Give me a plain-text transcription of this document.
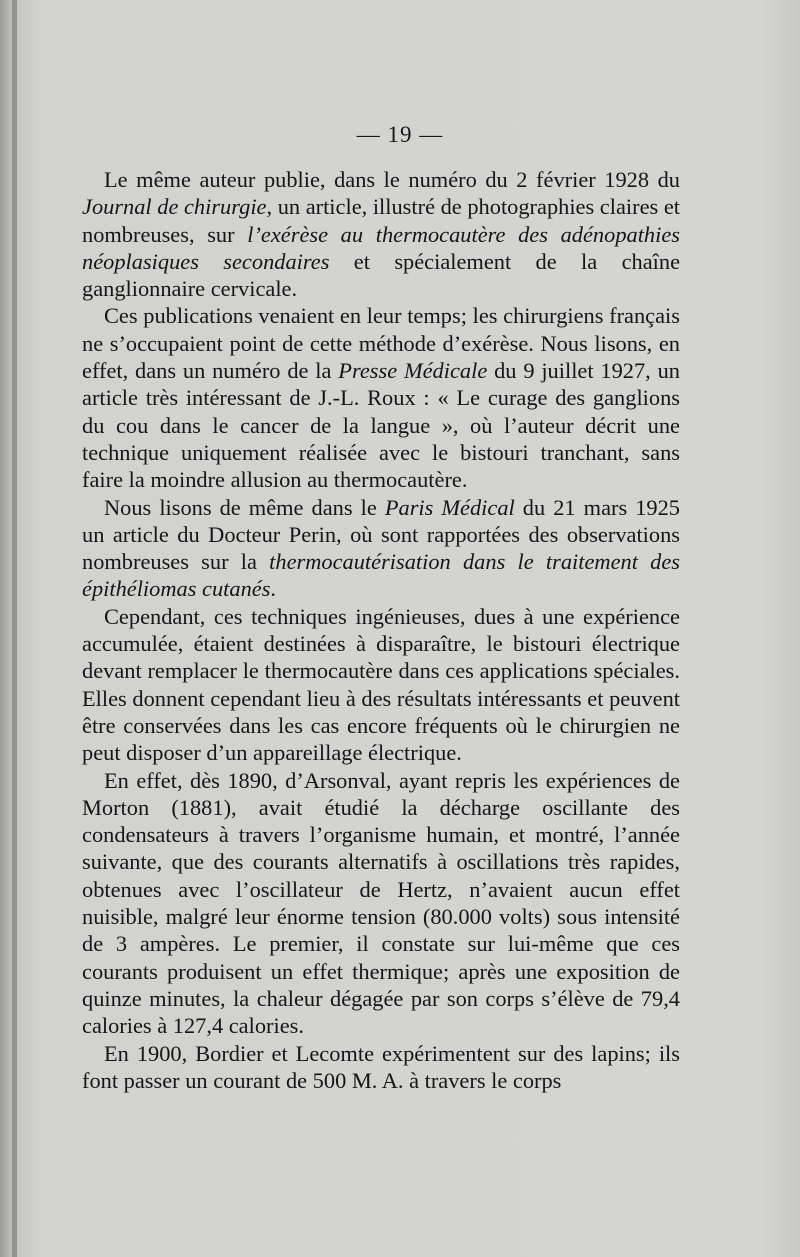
— 19 —

Le même auteur publie, dans le numéro du 2 février 1928 du Journal de chirurgie, un article, illustré de photographies claires et nombreuses, sur l’exérèse au thermocautère des adénopathies néoplasiques secondaires et spécialement de la chaîne ganglionnaire cervicale.

Ces publications venaient en leur temps; les chirurgiens français ne s’occupaient point de cette méthode d’exérèse. Nous lisons, en effet, dans un numéro de la Presse Médicale du 9 juillet 1927, un article très intéressant de J.-L. Roux : « Le curage des ganglions du cou dans le cancer de la langue », où l’auteur décrit une technique uniquement réalisée avec le bistouri tranchant, sans faire la moindre allusion au thermocautère.

Nous lisons de même dans le Paris Médical du 21 mars 1925 un article du Docteur Perin, où sont rapportées des observations nombreuses sur la thermocautérisation dans le traitement des épithéliomas cutanés.

Cependant, ces techniques ingénieuses, dues à une expérience accumulée, étaient destinées à disparaître, le bistouri électrique devant remplacer le thermocautère dans ces applications spéciales. Elles donnent cependant lieu à des résultats intéressants et peuvent être conservées dans les cas encore fréquents où le chirurgien ne peut disposer d’un appareillage électrique.

En effet, dès 1890, d’Arsonval, ayant repris les expériences de Morton (1881), avait étudié la décharge oscillante des condensateurs à travers l’organisme humain, et montré, l’année suivante, que des courants alternatifs à oscillations très rapides, obtenues avec l’oscillateur de Hertz, n’avaient aucun effet nuisible, malgré leur énorme tension (80.000 volts) sous intensité de 3 ampères. Le premier, il constate sur lui-même que ces courants produisent un effet thermique; après une exposition de quinze minutes, la chaleur dégagée par son corps s’élève de 79,4 calories à 127,4 calories.

En 1900, Bordier et Lecomte expérimentent sur des lapins; ils font passer un courant de 500 M. A. à travers le corps
